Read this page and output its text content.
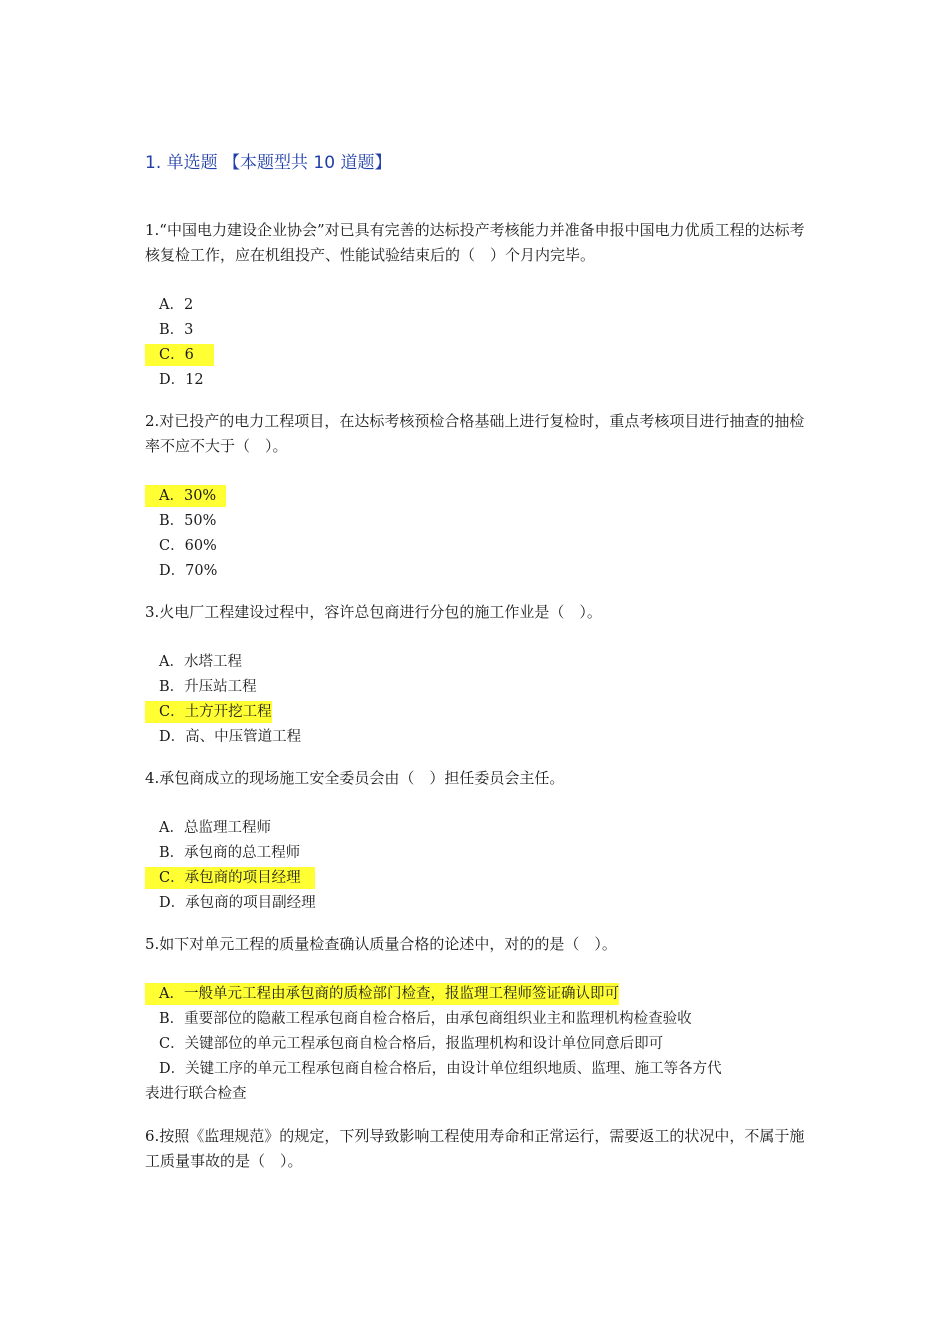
1. 单选题 【本题型共 10 道题】

1.“中国电力建设企业协会”对已具有完善的达标投产考核能力并准备申报中国电力优质工程的达标考核复检工作，应在机组投产、性能试验结束后的（　）个月内完毕。

A．2
B．3
C．6
D．12

2.对已投产的电力工程项目，在达标考核预检合格基础上进行复检时，重点考核项目进行抽查的抽检率不应不大于（　）。

A．30%
B．50%
C．60%
D．70%

3.火电厂工程建设过程中，容许总包商进行分包的施工作业是（　）。

A．水塔工程
B．升压站工程
C．土方开挖工程
D．高、中压管道工程

4.承包商成立的现场施工安全委员会由（　）担任委员会主任。

A．总监理工程师
B．承包商的总工程师
C．承包商的项目经理
D．承包商的项目副经理

5.如下对单元工程的质量检查确认质量合格的论述中，对的的是（　）。

A．一般单元工程由承包商的质检部门检查，报监理工程师签证确认即可
B．重要部位的隐蔽工程承包商自检合格后，由承包商组织业主和监理机构检查验收
C．关键部位的单元工程承包商自检合格后，报监理机构和设计单位同意后即可
D．关键工序的单元工程承包商自检合格后，由设计单位组织地质、监理、施工等各方代
表进行联合检查

6.按照《监理规范》的规定，下列导致影响工程使用寿命和正常运行，需要返工的状况中，不属于施工质量事故的是（　）。
